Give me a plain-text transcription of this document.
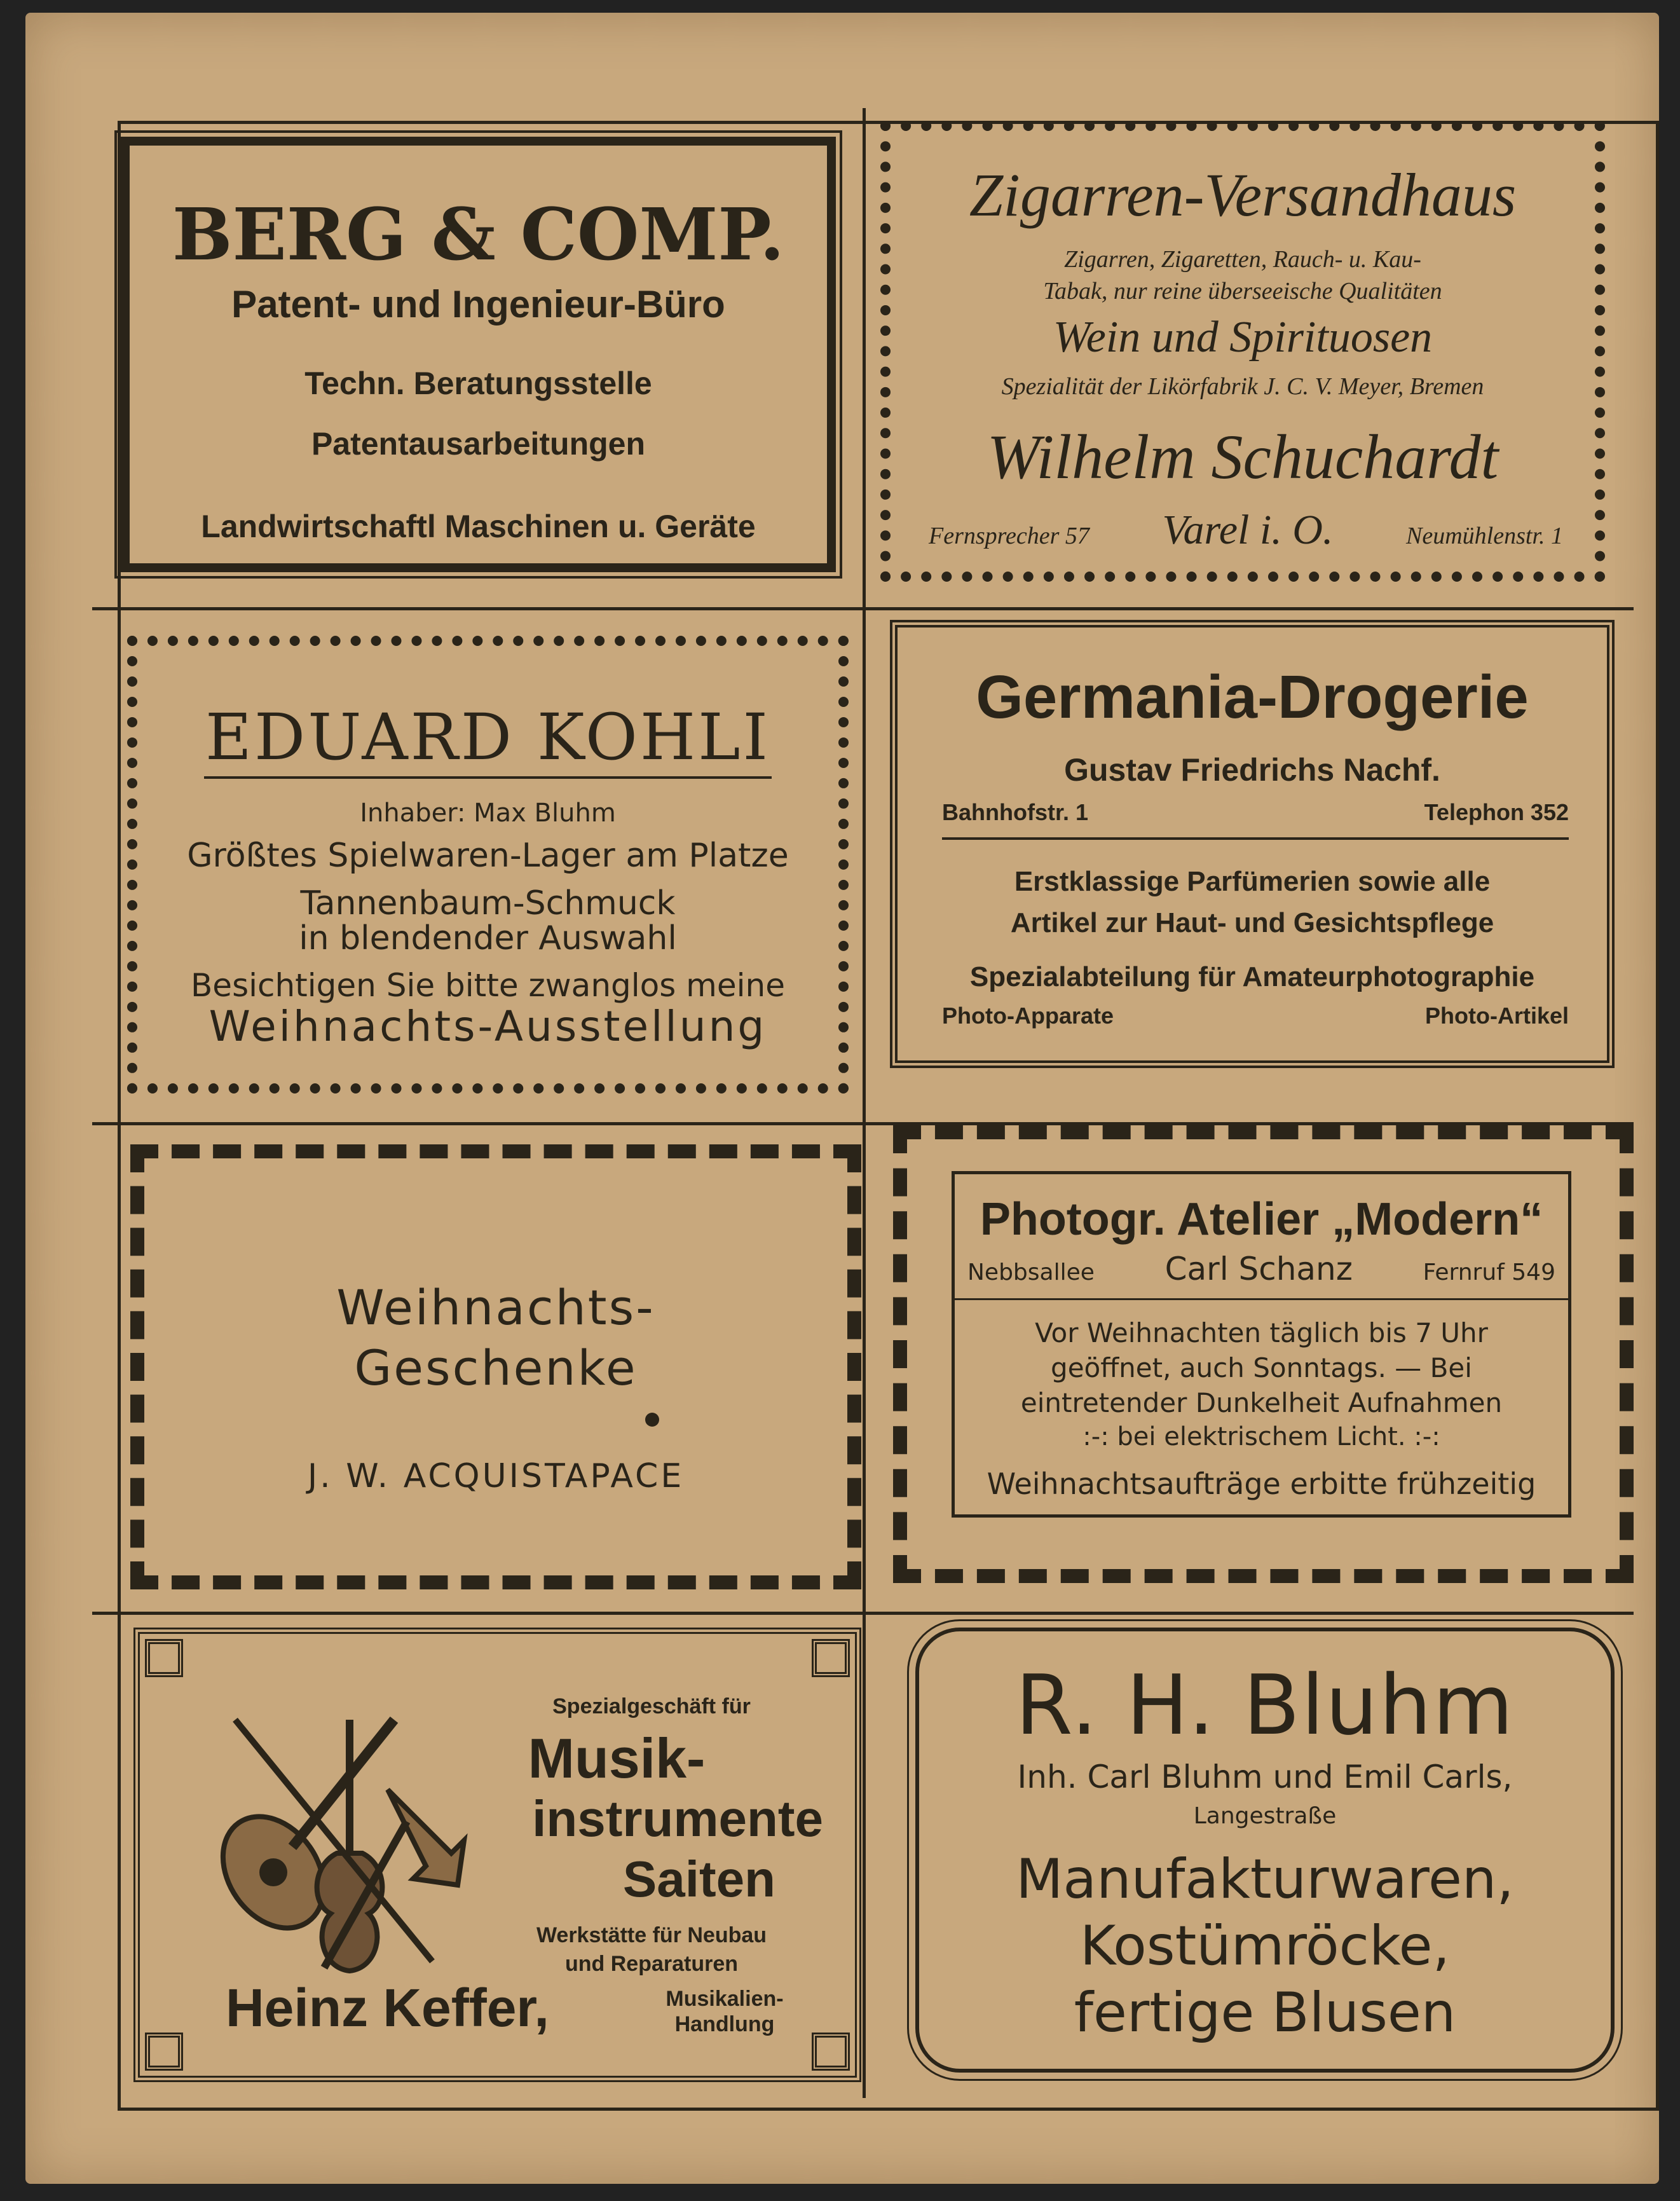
BERG & COMP.
Patent- und Ingenieur-Büro
Techn. Beratungsstelle
Patentausarbeitungen
Landwirtschaftl Maschinen u. Geräte
Zigarren-Versandhaus
Zigarren, Zigaretten, Rauch- u. Kau-
Tabak, nur reine überseeische Qualitäten
Wein und Spirituosen
Spezialität der Likörfabrik J. C. V. Meyer, Bremen
Wilhelm Schuchardt
Fernsprecher 57 Varel i. O.	Neumühlenstr. 1
EDUARD KOHLI
Inhaber: Max Bluhm
Größtes Spielwaren-Lager am Platze
Tannenbaum-Schmuck
in blendender Auswahl
Besichtigen Sie bitte zwanglos meine
Weihnachts-Ausstellung
Germania-Drogerie
Gustav Friedrichs Nachf.
Bahnhofstr. 1	Telephon 352
Erstklassige Parfümerien sowie alle
Artikel zur Haut- und Gesichtspflege
Spezialabteilung für Amateurphotographie
Photo-Apparate	Photo-Artikel
Weihnachts-
Geschenke
J. W. ACQUISTAPACE
Photogr. Atelier „Modern“
Nebbsallee Carl Schanz	Fernruf 549
Vor Weihnachten täglich bis 7 Uhr
geöffnet, auch Sonntags. — Bei
eintretender Dunkelheit Aufnahmen
:-: bei elektrischem Licht. :-:
Weihnachtsaufträge erbitte frühzeitig
Spezialgeschäft für
Musik-
instrumente
Saiten
Werkstätte für Neubau
und Reparaturen
Heinz Keffer,	Musikalien-
Handlung
R. H. Bluhm
Inh. Carl Bluhm und Emil Carls,
Langestraße
Manufakturwaren,
Kostümröcke,
fertige Blusen
